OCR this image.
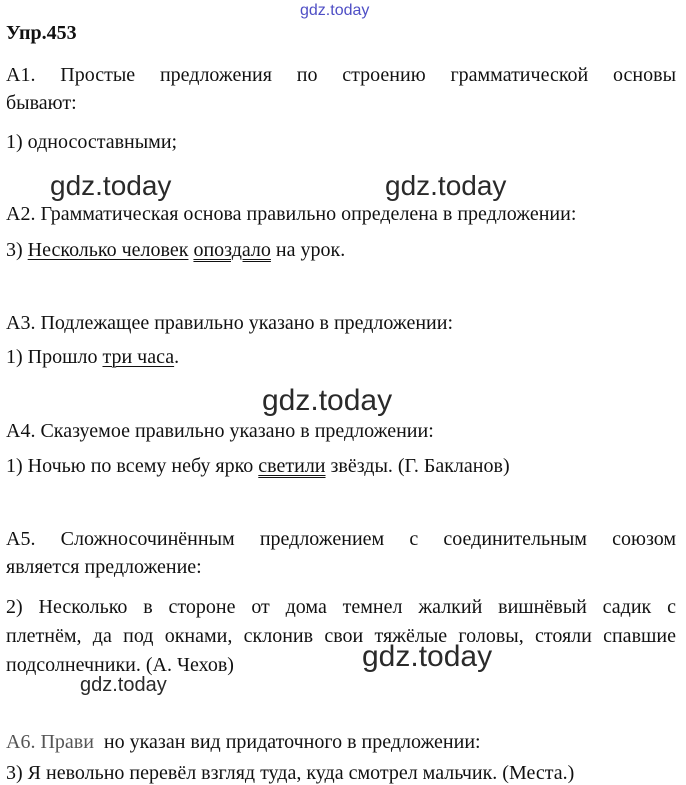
gdz.today
Упр.453
А1. Простые предложения по строению грамматической основы
бывают:
1) односоставными;
gdz.today	gdz.today
А2. Грамматическая основа правильно определена в предложении:
3) Несколько человек опоздало на урок.
А3. Подлежащее правильно указано в предложении:
1) Прошло три часа.
gdz.today
А4. Сказуемое правильно указано в предложении:
1) Ночью по всему небу ярко светили звёзды. (Г. Бакланов)
А5. Сложносочинённым предложением с соединительным союзом
является предложение:
2) Несколько в стороне от дома темнел жалкий вишнёвый садик с
плетнём, да под окнами, склонив свои тяжёлые головы, стояли спавшие
подсолнечники. (А. Чехов)	gdz.today
gdz.today
А6. Прави но указан вид придаточного в предложении:
3) Я невольно перевёл взгляд туда, куда смотрел мальчик. (Места.)
